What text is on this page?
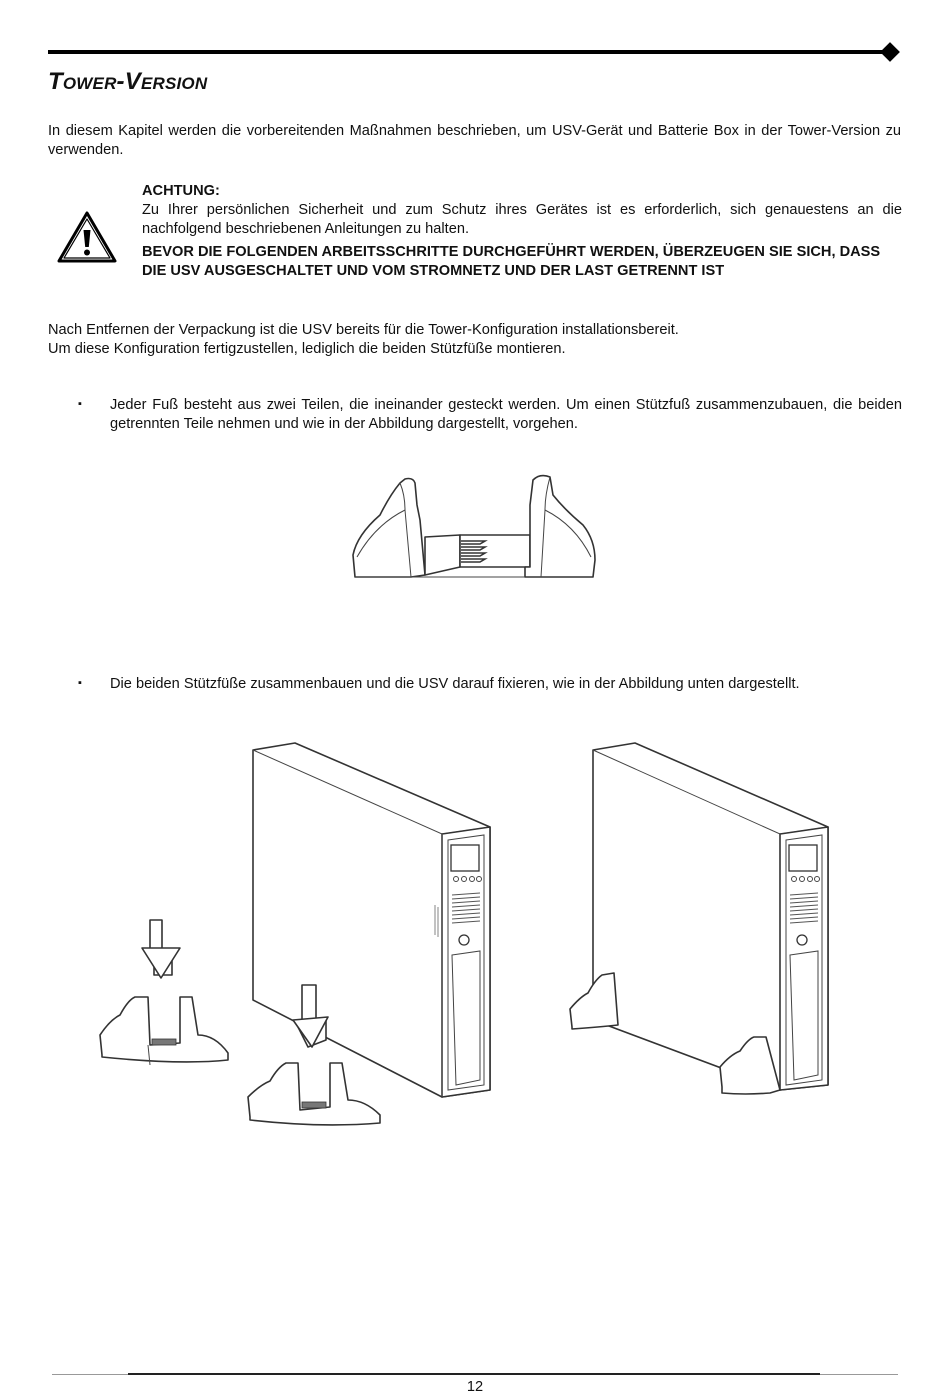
Tower-Version
In diesem Kapitel werden die vorbereitenden Maßnahmen beschrieben, um USV-Gerät und Batterie Box in der Tower-Version zu verwenden.
ACHTUNG:
Zu Ihrer persönlichen Sicherheit und zum Schutz ihres Gerätes ist es erforderlich, sich genauestens an die nachfolgend beschriebenen Anleitungen zu halten.
BEVOR DIE FOLGENDEN ARBEITSSCHRITTE DURCHGEFÜHRT WERDEN, ÜBERZEUGEN SIE SICH, DASS DIE USV AUSGESCHALTET UND VOM STROMNETZ UND DER LAST GETRENNT IST
Nach Entfernen der Verpackung ist die USV bereits für die Tower-Konfiguration installationsbereit.
Um diese Konfiguration fertigzustellen, lediglich die beiden Stützfüße montieren.
▪ Jeder Fuß besteht aus zwei Teilen, die ineinander gesteckt werden. Um einen Stützfuß zusammenzubauen, die beiden getrennten Teile nehmen und wie in der Abbildung dargestellt, vorgehen.
▪ Die beiden Stützfüße zusammenbauen und die USV darauf fixieren, wie in der Abbildung unten dargestellt.
12
